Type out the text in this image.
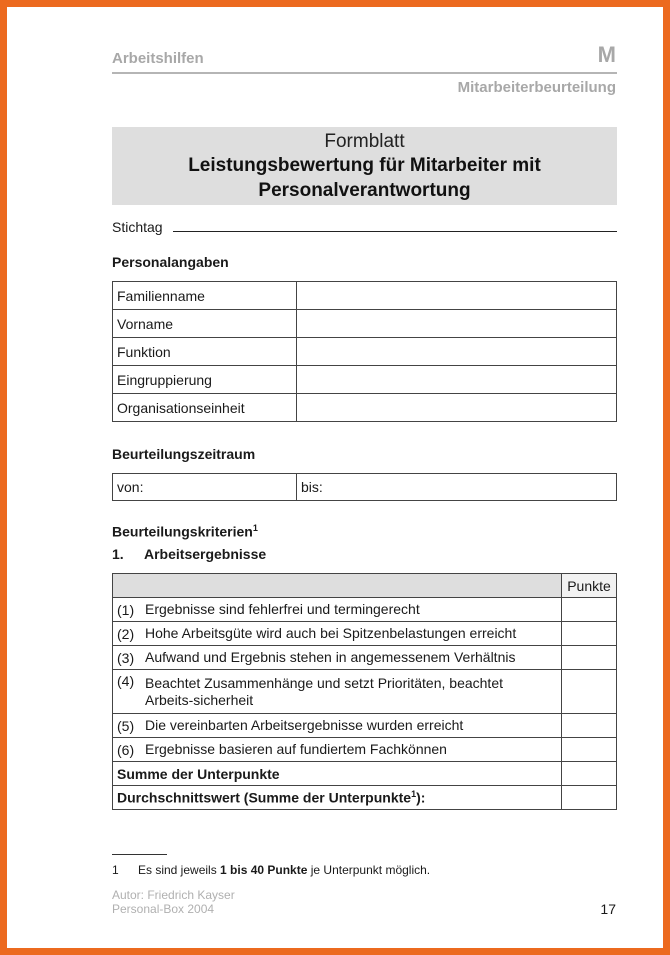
Arbeitshilfen	M
Mitarbeiterbeurteilung
Formblatt
Leistungsbewertung für Mitarbeiter mit
Personalverantwortung
Stichtag
Personalangaben
Familienname	
Vorname	
Funktion	
Eingruppierung	
Organisationseinheit	
Beurteilungszeitraum
von:	bis:
Beurteilungskriterien$^1$
1. Arbeitsergebnisse
		Punkte
(1)	Ergebnisse sind fehlerfrei und termingerecht	
(2)	Hohe Arbeitsgüte wird auch bei Spitzenbelastungen erreicht	
(3)	Aufwand und Ergebnis stehen in angemessenem Verhältnis	
(4)	Beachtet Zusammenhänge und setzt Prioritäten, beachtet Arbeits-sicherheit	
(5)	Die vereinbarten Arbeitsergebnisse wurden erreicht	
(6)	Ergebnisse basieren auf fundiertem Fachkönnen	
Summe der Unterpunkte		
Durchschnittswert (Summe der Unterpunkte$^1$):		
1 Es sind jeweils 1 bis 40 Punkte je Unterpunkt möglich.
Autor: Friedrich Kayser
Personal-Box 2004	17
